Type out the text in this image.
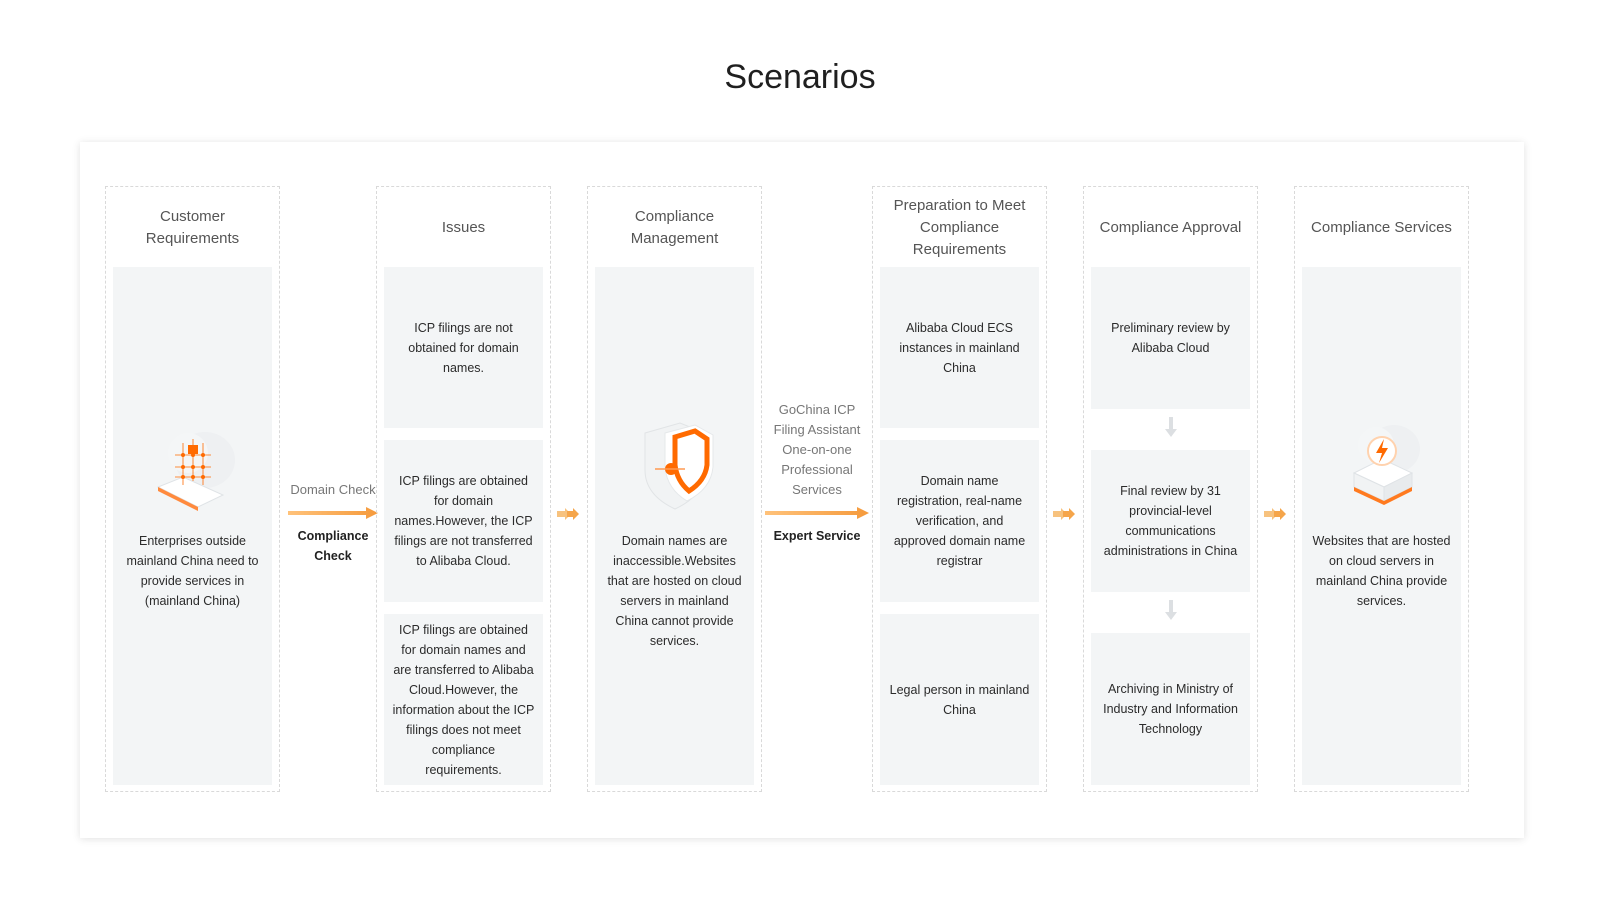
Scenarios
Customer Requirements
Enterprises outside mainland China need to provide services in (mainland China)
Domain Check
Compliance Check
Issues
ICP filings are not obtained for domain names.
ICP filings are obtained for domain names.However, the ICP filings are not transferred to Alibaba Cloud.
ICP filings are obtained for domain names and are transferred to Alibaba Cloud.However, the information about the ICP filings does not meet compliance requirements.
Compliance Management
Domain names are inaccessible.Websites that are hosted on cloud servers in mainland China cannot provide services.
GoChina ICP Filing Assistant One-on-one Professional Services
Expert Service
Preparation to Meet Compliance Requirements
Alibaba Cloud ECS instances in mainland China
Domain name registration, real-name verification, and approved domain name registrar
Legal person in mainland China
Compliance Approval
Preliminary review by Alibaba Cloud
Final review by 31 provincial-level communications administrations in China
Archiving in Ministry of Industry and Information Technology
Compliance Services
Websites that are hosted on cloud servers in mainland China provide services.
